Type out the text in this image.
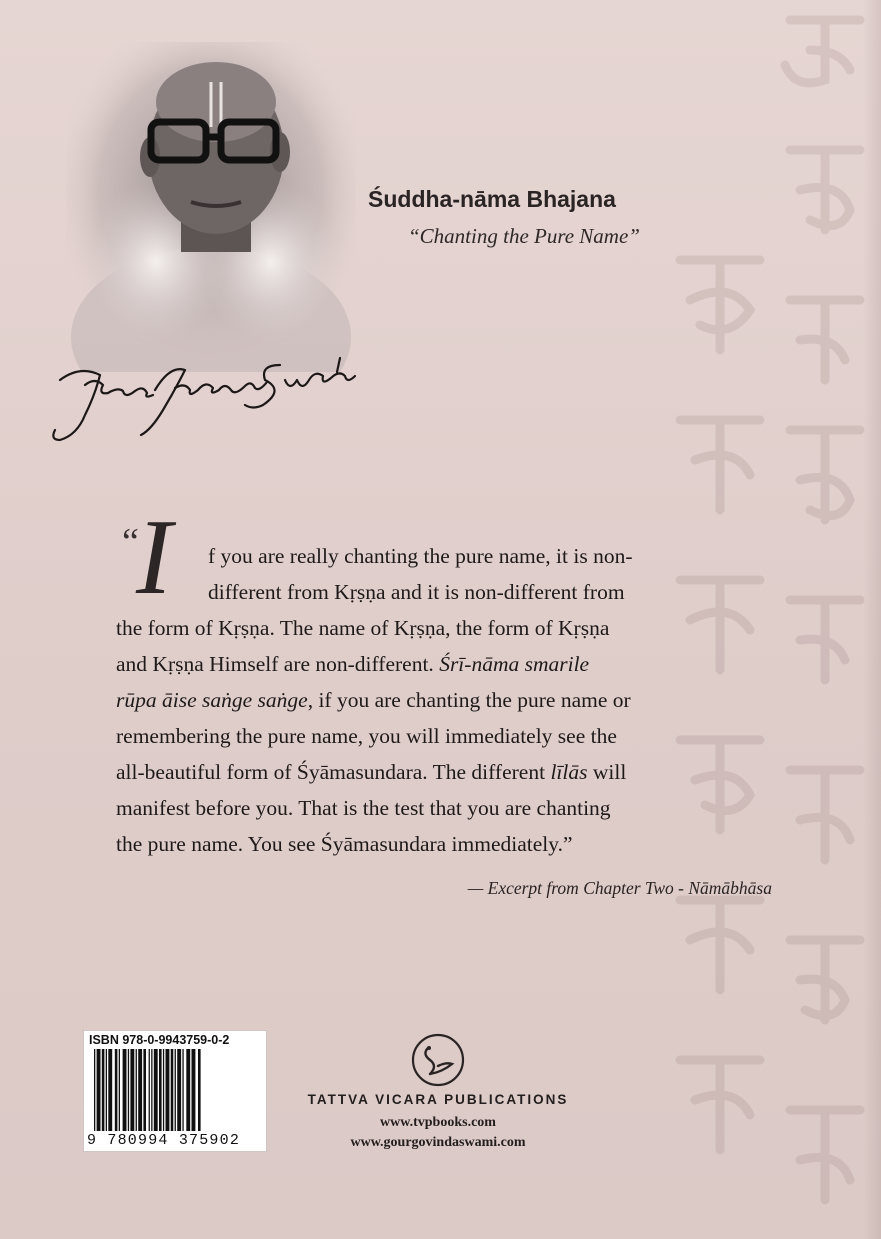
Śuddha-nāma Bhajana
“Chanting the Pure Name”
“
I	f you are really chanting the pure name, it is non-
different from Kṛṣṇa and it is non-different from
the form of Kṛṣṇa. The name of Kṛṣṇa, the form of Kṛṣṇa
and Kṛṣṇa Himself are non-different. Śrī-nāma smarile
rūpa āise saṅge saṅge, if you are chanting the pure name or
remembering the pure name, you will immediately see the
all-beautiful form of Śyāmasundara. The different līlās will
manifest before you. That is the test that you are chanting
the pure name. You see Śyāmasundara immediately.”
— Excerpt from Chapter Two - Nāmābhāsa
ISBN 978-0-9943759-0-2
9 780994 375902
TATTVA VICARA PUBLICATIONS
www.tvpbooks.com
www.gourgovindaswami.com
